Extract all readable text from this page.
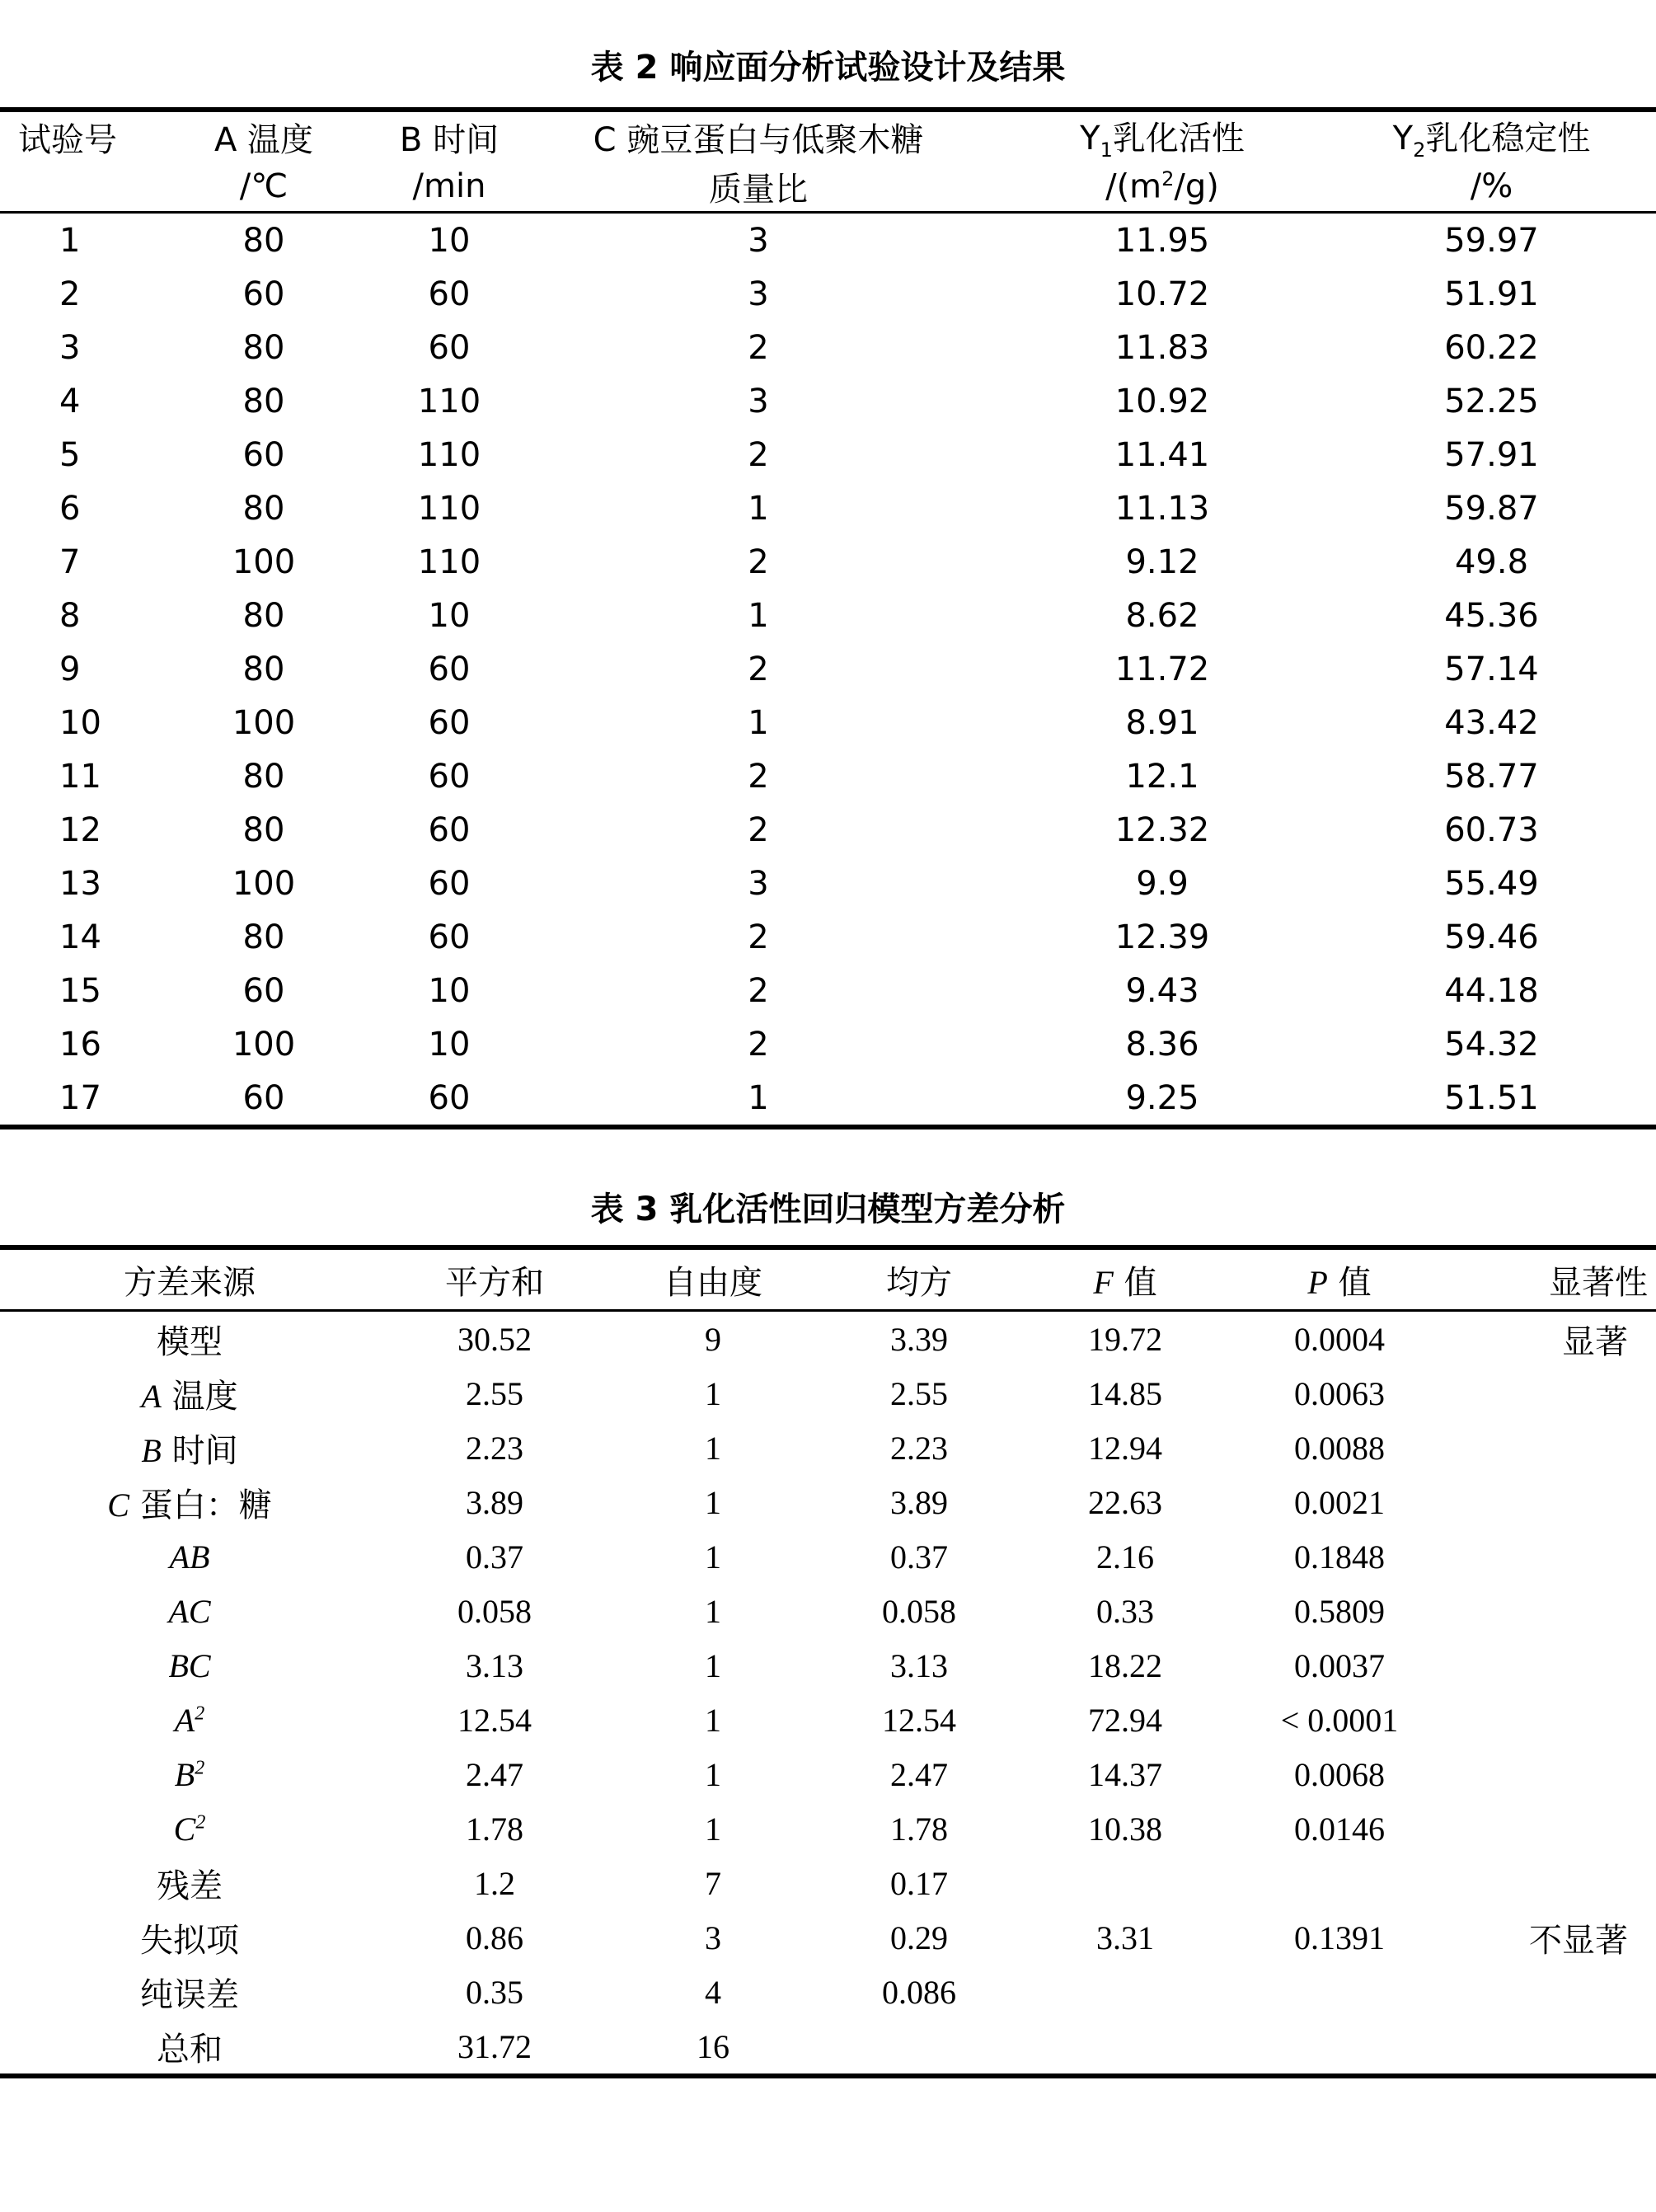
表 2 响应面分析试验设计及结果
试验号	A 温度	B 时间	C 豌豆蛋白与低聚木糖	$Y_1$乳化活性	$Y_2$乳化稳定性
	/℃	/min	质量比	$/(m^2/g)$	/%
1	80	10	3	11.95	59.97
2	60	60	3	10.72	51.91
3	80	60	2	11.83	60.22
4	80	110	3	10.92	52.25
5	60	110	2	11.41	57.91
6	80	110	1	11.13	59.87
7	100	110	2	9.12	49.8
8	80	10	1	8.62	45.36
9	80	60	2	11.72	57.14
10	100	60	1	8.91	43.42
11	80	60	2	12.1	58.77
12	80	60	2	12.32	60.73
13	100	60	3	9.9	55.49
14	80	60	2	12.39	59.46
15	60	10	2	9.43	44.18
16	100	10	2	8.36	54.32
17	60	60	1	9.25	51.51
表 3 乳化活性回归模型方差分析
方差来源	平方和	自由度	均方	F 值	P 值	显著性
模型	30.52	9	3.39	19.72	0.0004	显著
A 温度	2.55	1	2.55	14.85	0.0063	
B 时间	2.23	1	2.23	12.94	0.0088	
C 蛋白：糖	3.89	1	3.89	22.63	0.0021	
AB	0.37	1	0.37	2.16	0.1848	
AC	0.058	1	0.058	0.33	0.5809	
BC	3.13	1	3.13	18.22	0.0037	
$A^2$	12.54	1	12.54	72.94	< 0.0001	
$B^2$	2.47	1	2.47	14.37	0.0068	
$C^2$	1.78	1	1.78	10.38	0.0146	
残差	1.2	7	0.17			
失拟项	0.86	3	0.29	3.31	0.1391	不显著
纯误差	0.35	4	0.086			
总和	31.72	16				
